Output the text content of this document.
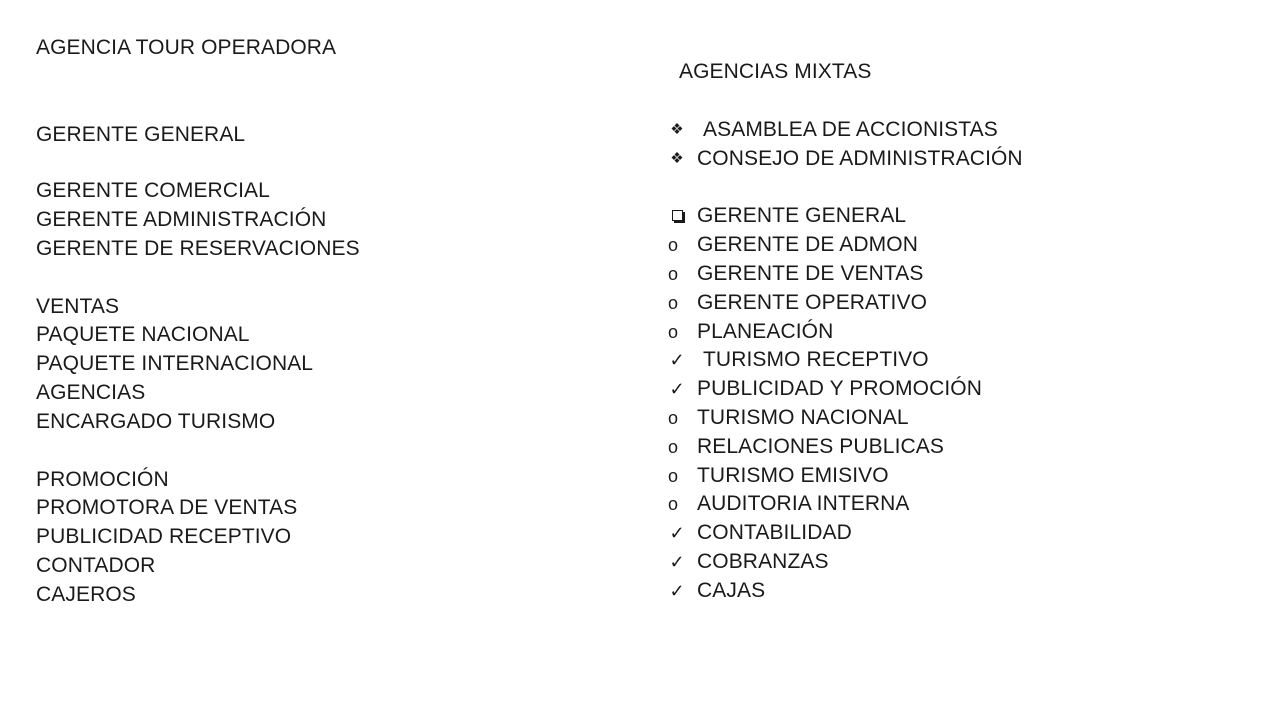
AGENCIA TOUR OPERADORA
GERENTE GENERAL
GERENTE COMERCIAL
GERENTE ADMINISTRACIÓN
GERENTE DE RESERVACIONES
VENTAS
PAQUETE NACIONAL
PAQUETE INTERNACIONAL
AGENCIAS
ENCARGADO TURISMO
PROMOCIÓN
PROMOTORA DE VENTAS
PUBLICIDAD RECEPTIVO
CONTADOR
CAJEROS
AGENCIAS MIXTAS
❖ ASAMBLEA DE ACCIONISTAS
❖ CONSEJO DE ADMINISTRACIÓN
GERENTE GENERAL
o GERENTE DE ADMON
o GERENTE DE VENTAS
o GERENTE OPERATIVO
o PLANEACIÓN
✓ TURISMO RECEPTIVO
✓ PUBLICIDAD Y PROMOCIÓN
o TURISMO NACIONAL
o RELACIONES PUBLICAS
o TURISMO EMISIVO
o AUDITORIA INTERNA
✓ CONTABILIDAD
✓ COBRANZAS
✓ CAJAS
